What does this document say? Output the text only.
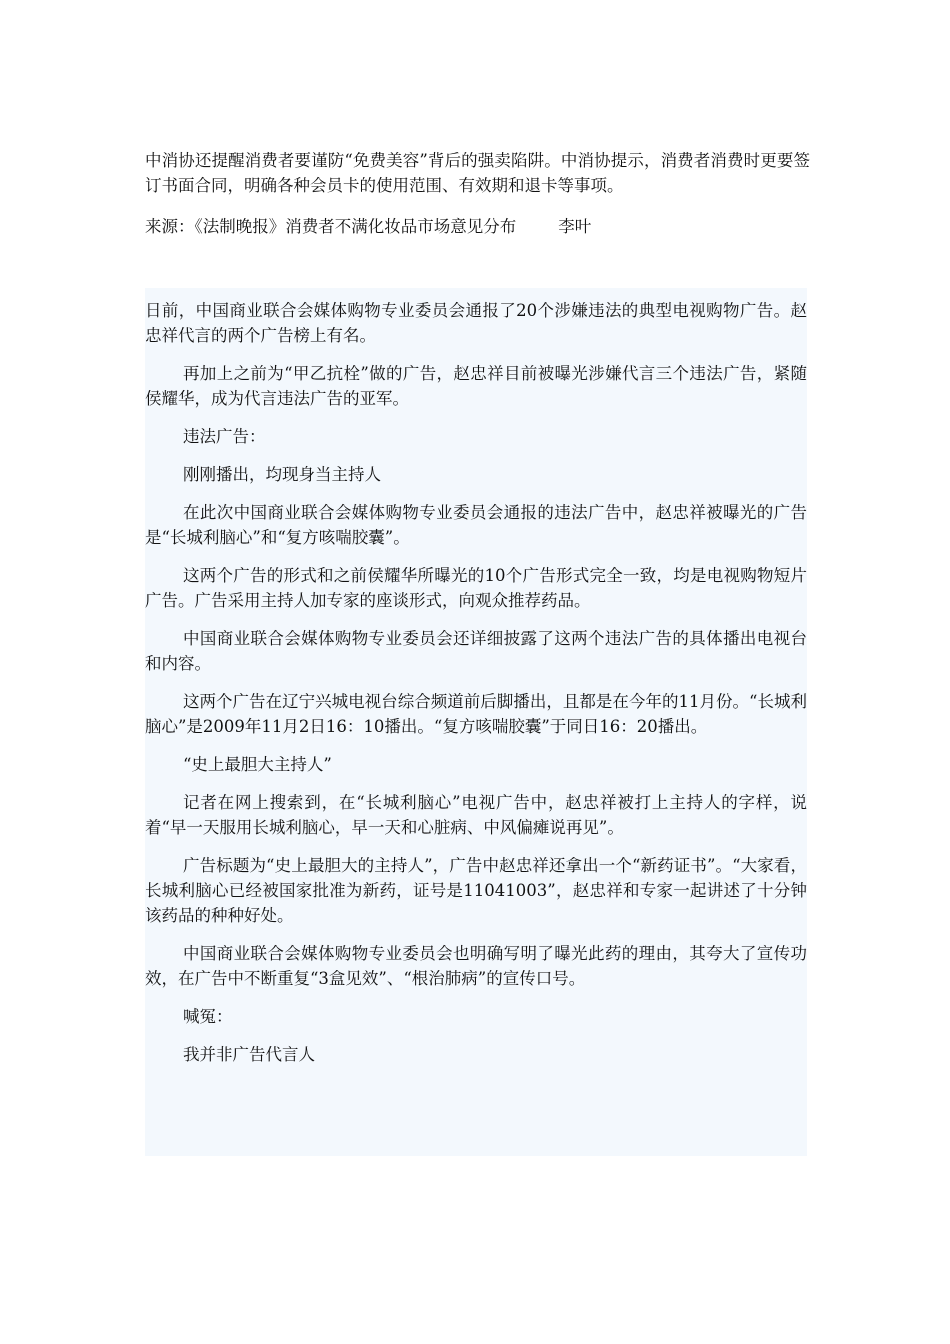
中消协还提醒消费者要谨防“免费美容”背后的强卖陷阱。中消协提示，消费者消费时更要签订书面合同，明确各种会员卡的使用范围、有效期和退卡等事项。

来源：《法制晚报》消费者不满化妆品市场意见分布	李叶

日前，中国商业联合会媒体购物专业委员会通报了20个涉嫌违法的典型电视购物广告。赵忠祥代言的两个广告榜上有名。

再加上之前为“甲乙抗栓”做的广告，赵忠祥目前被曝光涉嫌代言三个违法广告，紧随侯耀华，成为代言违法广告的亚军。

违法广告：

刚刚播出，均现身当主持人

在此次中国商业联合会媒体购物专业委员会通报的违法广告中，赵忠祥被曝光的广告是“长城利脑心”和“复方咳喘胶囊”。

这两个广告的形式和之前侯耀华所曝光的10个广告形式完全一致，均是电视购物短片广告。广告采用主持人加专家的座谈形式，向观众推荐药品。

中国商业联合会媒体购物专业委员会还详细披露了这两个违法广告的具体播出电视台和内容。

这两个广告在辽宁兴城电视台综合频道前后脚播出，且都是在今年的11月份。“长城利脑心”是2009年11月2日16：10播出。“复方咳喘胶囊”于同日16：20播出。

“史上最胆大主持人”

记者在网上搜索到，在“长城利脑心”电视广告中，赵忠祥被打上主持人的字样，说着“早一天服用长城利脑心，早一天和心脏病、中风偏瘫说再见”。

广告标题为“史上最胆大的主持人”，广告中赵忠祥还拿出一个“新药证书”。“大家看，长城利脑心已经被国家批准为新药，证号是11041003”，赵忠祥和专家一起讲述了十分钟该药品的种种好处。

中国商业联合会媒体购物专业委员会也明确写明了曝光此药的理由，其夸大了宣传功效，在广告中不断重复“3盒见效”、“根治肺病”的宣传口号。

喊冤：

我并非广告代言人
